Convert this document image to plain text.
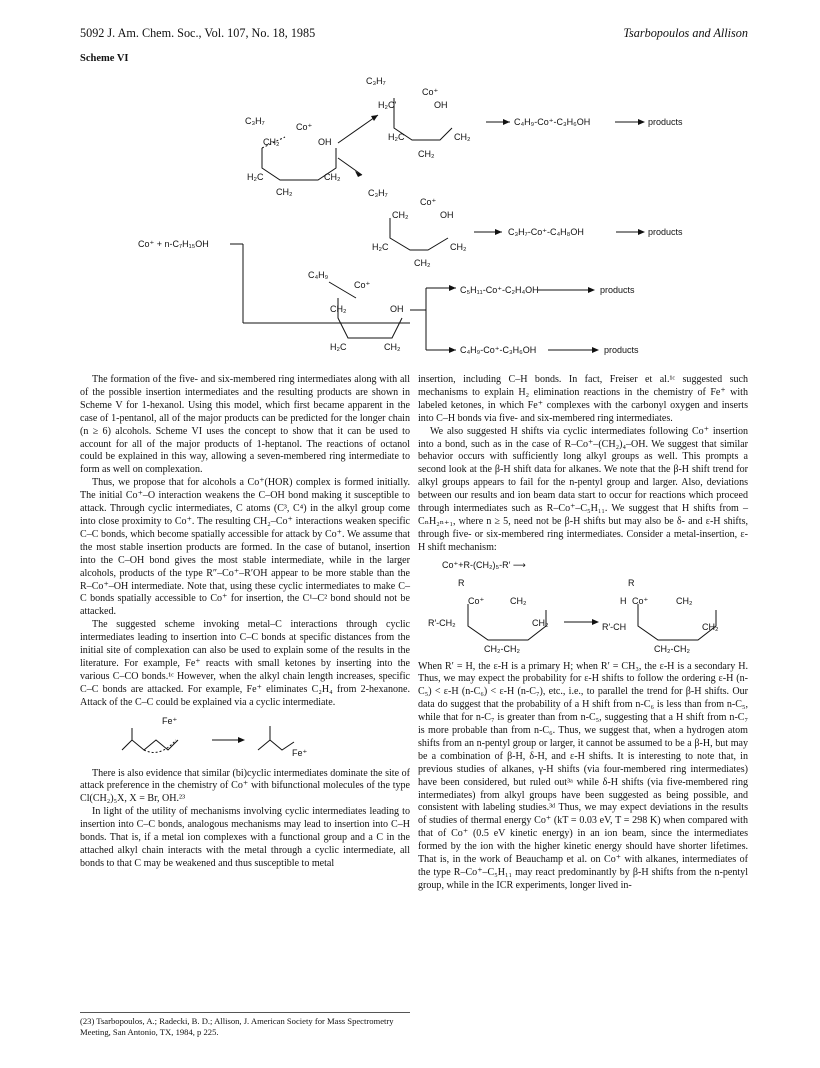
5092 J. Am. Chem. Soc., Vol. 107, No. 18, 1985	Tsarbopoulos and Allison
Scheme VI
Co⁺ + n-C₇H₁₅OH
C₃H₇
Co⁺
CH₂	OH
H₂C	CH₂
CH₂
C₃H₇
Co⁺
H₂C'	OH
H₂C	CH₂
CH₂
C₃H₇
Co⁺
CH₂	OH
H₂C	CH₂
CH₂
C₄H₉
Co⁺
CH₂	OH
H₂C	CH₂
C₄H₉-Co⁺-C₃H₆OH	products
C₃H₇-Co⁺-C₄H₈OH	products
C₅H₁₁-Co⁺-C₂H₄OH	products
C₄H₉-Co⁺-C₃H₆OH	products

The formation of the five- and six-membered ring intermediates along with all of the possible insertion intermediates and the resulting products are shown in Scheme V for 1-hexanol. Using this model, which first became apparent in the case of 1-pentanol, all of the major products can be predicted for the longer chain (n ≥ 6) alcohols. Scheme VI uses the concept to show that it can be used to account for all of the major products of 1-heptanol. The reactions of octanol could be explained in this way, allowing a seven-membered ring intermediate to form as well on complexation.

Thus, we propose that for alcohols a Co⁺(HOR) complex is formed initially. The initial Co⁺–O interaction weakens the C–OH bond making it susceptible to attack. Through cyclic intermediates, C atoms (C³, C⁴) in the alkyl group come into close proximity to Co⁺. The resulting CH₂–Co⁺ interactions weaken specific C–C bonds, which become spatially accessible for attack by Co⁺. We assume that the most stable insertion products are formed. In the case of butanol, insertion into the C–OH bond gives the most stable intermediate, while in the larger alcohols, products of the type R″–Co⁺–R′OH appear to be more stable than the R–Co⁺–OH intermediate. Note that, using these cyclic intermediates to make C–C bonds spatially accessible to Co⁺ for insertion, the C¹–C² bond should not be attacked.

The suggested scheme invoking metal–C interactions through cyclic intermediates leading to insertion into C–C bonds at specific distances from the initial site of complexation can also be used to explain some of the results in the literature. For example, Fe⁺ reacts with small ketones by inserting into the various C–CO bonds.¹ᶜ However, when the alkyl chain length increases, specific C–C bonds are attacked. For example, Fe⁺ eliminates C₂H₄ from 2-hexanone. Attack of the C–C could be explained via a cyclic intermediate.

Fe⁺
Fe⁺

There is also evidence that similar (bi)cyclic intermediates dominate the site of attack preference in the chemistry of Co⁺ with bifunctional molecules of the type Cl(CH₂)₅X, X = Br, OH.²³

In light of the utility of mechanisms involving cyclic intermediates leading to insertion into C–C bonds, analogous mechanisms may lead to insertion into C–H bonds. That is, if a metal ion complexes with a functional group and a C in the attached alkyl chain interacts with the metal through a cyclic intermediate, all bonds to that C may be weakened and thus susceptible to metal

insertion, including C–H bonds. In fact, Freiser et al.¹ᶜ suggested such mechanisms to explain H₂ elimination reactions in the chemistry of Fe⁺ with labeled ketones, in which Fe⁺ complexes with the carbonyl oxygen and inserts into C–H bonds via five- and six-membered ring intermediates.

We also suggested H shifts via cyclic intermediates following Co⁺ insertion into a bond, such as in the case of R–Co⁺–(CH₂)₄–OH. We suggest that similar behavior occurs with sufficiently long alkyl groups as well. This prompts a second look at the β-H shift data for alkanes. We note that the β-H shift trend for alkyl groups appears to fail for the n-pentyl group and larger. Also, deviations between our results and ion beam data start to occur for reactions which proceed through intermediates such as R–Co⁺–C₅H₁₁. We suggest that H shifts from –CₙH₂ₙ₊₁, where n ≥ 5, need not be β-H shifts but may also be δ- and ε-H shifts, through five- or six-membered ring intermediates. Consider a metal-insertion, ε-H shift mechanism:

Co⁺+R-(CH₂)₅-R′ ⟶
R
Co⁺	CH₂
R′-CH₂	CH₂
CH₂-CH₂
R
H Co⁺	CH₂
R′-CH	CH₂
CH₂-CH₂

When R′ = H, the ε-H is a primary H; when R′ = CH₃, the ε-H is a secondary H. Thus, we may expect the probability for ε-H shifts to follow the ordering ε-H (n-C₅) < ε-H (n-C₆) < ε-H (n-C₇), etc., i.e., to parallel the trend for β-H shifts. Our data do suggest that the probability of a H shift from n-C₆ is less than from n-C₅, while that for n-C₇ is greater than from n-C₅, suggesting that a H shift from n-C₇ is more probable than from n-C₆. Thus, we suggest that, when a hydrogen atom shifts from an n-pentyl group or larger, it cannot be assumed to be a β-H, but may be a combination of β-H, δ-H, and ε-H shifts. It is interesting to note that, in previous studies of alkanes, γ-H shifts (via four-membered ring intermediates) have been considered, but ruled out³ᵃ while δ-H shifts (via five-membered ring intermediates) from alkyl groups have been suggested as being possible, and consistent with labeling studies.³ᵈ Thus, we may expect deviations in the results of studies of thermal energy Co⁺ (kT = 0.03 eV, T = 298 K) when compared with that of Co⁺ (0.5 eV kinetic energy) in an ion beam, since the intermediates formed by the ion with the higher kinetic energy should have shorter lifetimes. That is, in the work of Beauchamp et al. on Co⁺ with alkanes, intermediates of the type R–Co⁺–C₅H₁₁ may react predominantly by β-H shifts from the n-pentyl group, while in the ICR experiments, longer lived in-

(23) Tsarbopoulos, A.; Radecki, B. D.; Allison, J. American Society for Mass Spectrometry Meeting, San Antonio, TX, 1984, p 225.
